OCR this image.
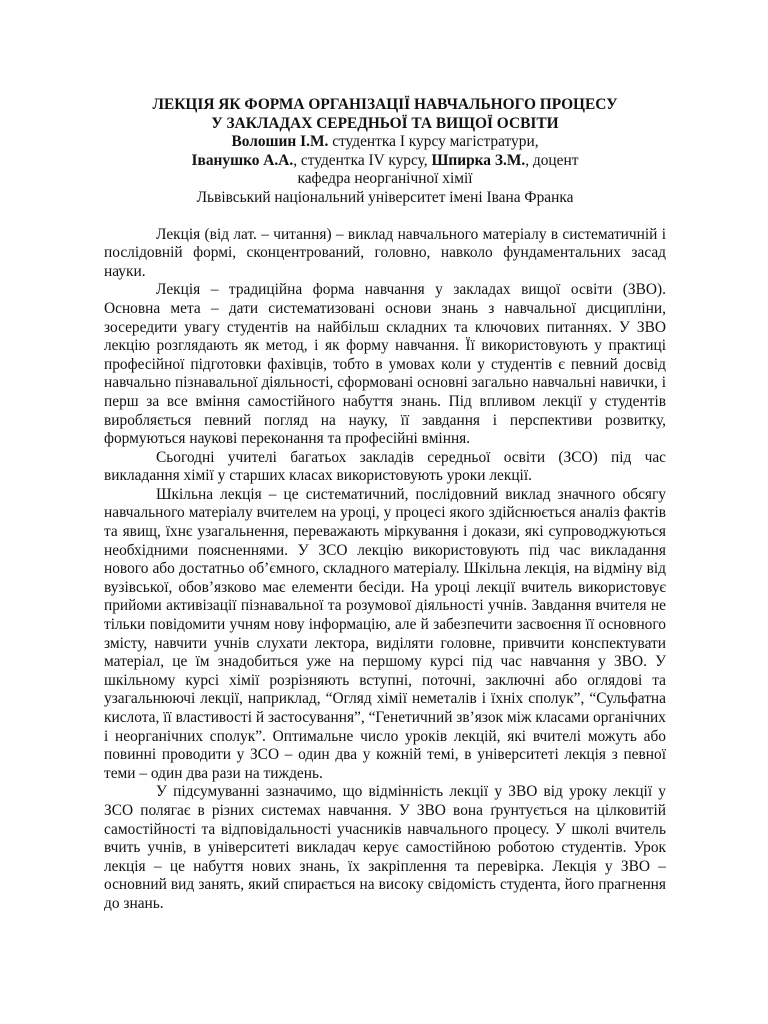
ЛЕКЦІЯ ЯК ФОРМА ОРГАНІЗАЦІЇ НАВЧАЛЬНОГО ПРОЦЕСУ

У ЗАКЛАДАХ СЕРЕДНЬОЇ ТА ВИЩОЇ ОСВІТИ

Волошин І.М. студентка І курсу магістратури,

Іванушко А.А., студентка ІV курсу, Шпирка З.М., доцент

кафедра неорганічної хімії

Львівський національний університет імені Івана Франка

Лекція (від лат. – читання) – виклад навчального матеріалу в систематичній і послідовній формі, сконцентрований, головно, навколо фундаментальних засад науки.

Лекція – традиційна форма навчання у закладах вищої освіти (ЗВО). Основна мета – дати систематизовані основи знань з навчальної дисципліни, зосередити увагу студентів на найбільш складних та ключових питаннях. У ЗВО лекцію розглядають як метод, і як форму навчання. Її використовують у практиці професійної підготовки фахівців, тобто в умовах коли у студентів є певний досвід навчально пізнавальної діяльності, сформовані основні загально навчальні навички, і перш за все вміння самостійного набуття знань. Під впливом лекції у студентів виробляється певний погляд на науку, її завдання і перспективи розвитку, формуються наукові переконання та професійні вміння.

Сьогодні учителі багатьох закладів середньої освіти (ЗСО) під час викладання хімії у старших класах використовують уроки лекції.

Шкільна лекція – це систематичний, послідовний виклад значного обсягу навчального матеріалу вчителем на уроці, у процесі якого здійснюється аналіз фактів та явищ, їхнє узагальнення, переважають міркування і докази, які супроводжуються необхідними поясненнями. У ЗСО лекцію використовують під час викладання нового або достатньо об’ємного, складного матеріалу. Шкільна лекція, на відміну від вузівської, обов’язково має елементи бесіди. На уроці лекції вчитель використовує прийоми активізації пізнавальної та розумової діяльності учнів. Завдання вчителя не тільки повідомити учням нову інформацію, але й забезпечити засвоєння її основного змісту, навчити учнів слухати лектора, виділяти головне, привчити конспектувати матеріал, це їм знадобиться уже на першому курсі під час навчання у ЗВО. У шкільному курсі хімії розрізняють вступні, поточні, заключні або оглядові та узагальнюючі лекції, наприклад, “Огляд хімії неметалів і їхніх сполук”, “Сульфатна кислота, її властивості й застосування”, “Генетичний зв’язок між класами органічних і неорганічних сполук”. Оптимальне число уроків лекцій, які вчителі можуть або повинні проводити у ЗСО – один два у кожній темі, в університеті лекція з певної теми – один два рази на тиждень.

У підсумуванні зазначимо, що відмінність лекції у ЗВО від уроку лекції у ЗСО полягає в різних системах навчання. У ЗВО вона ґрунтується на цілковитій самостійності та відповідальності учасників навчального процесу. У школі вчитель вчить учнів, в університеті викладач керує самостійною роботою студентів. Урок лекція – це набуття нових знань, їх закріплення та перевірка. Лекція у ЗВО – основний вид занять, який спирається на високу свідомість студента, його прагнення до знань.
